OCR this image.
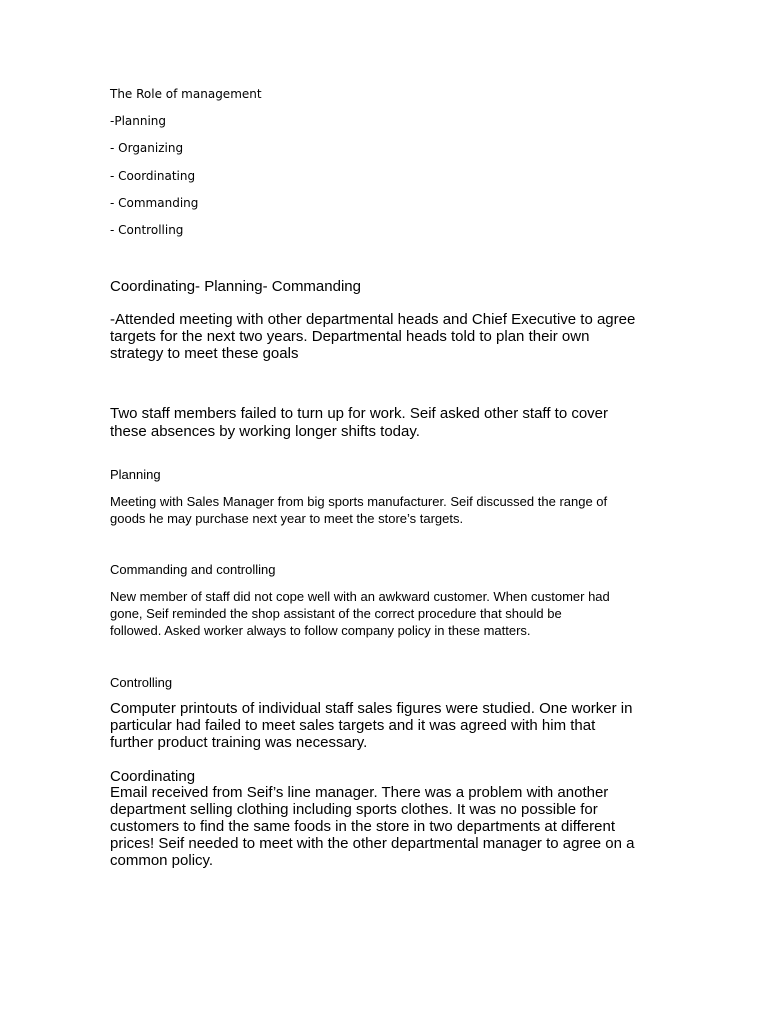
The Role of management

-Planning

- Organizing

- Coordinating

- Commanding

- Controlling

Coordinating- Planning- Commanding

-Attended meeting with other departmental heads and Chief Executive to agree

targets for the next two years. Departmental heads told to plan their own

strategy to meet these goals

Two staff members failed to turn up for work. Seif asked other staff to cover

these absences by working longer shifts today.

Planning

Meeting with Sales Manager from big sports manufacturer. Seif discussed the range of

goods he may purchase next year to meet the store’s targets.

Commanding and controlling

New member of staff did not cope well with an awkward customer. When customer had

gone, Seif reminded the shop assistant of the correct procedure that should be

followed. Asked worker always to follow company policy in these matters.

Controlling

Computer printouts of individual staff sales figures were studied. One worker in

particular had failed to meet sales targets and it was agreed with him that

further product training was necessary.

Coordinating

Email received from Seif’s line manager. There was a problem with another

department selling clothing including sports clothes. It was no possible for

customers to find the same foods in the store in two departments at different

prices! Seif needed to meet with the other departmental manager to agree on a

common policy.
